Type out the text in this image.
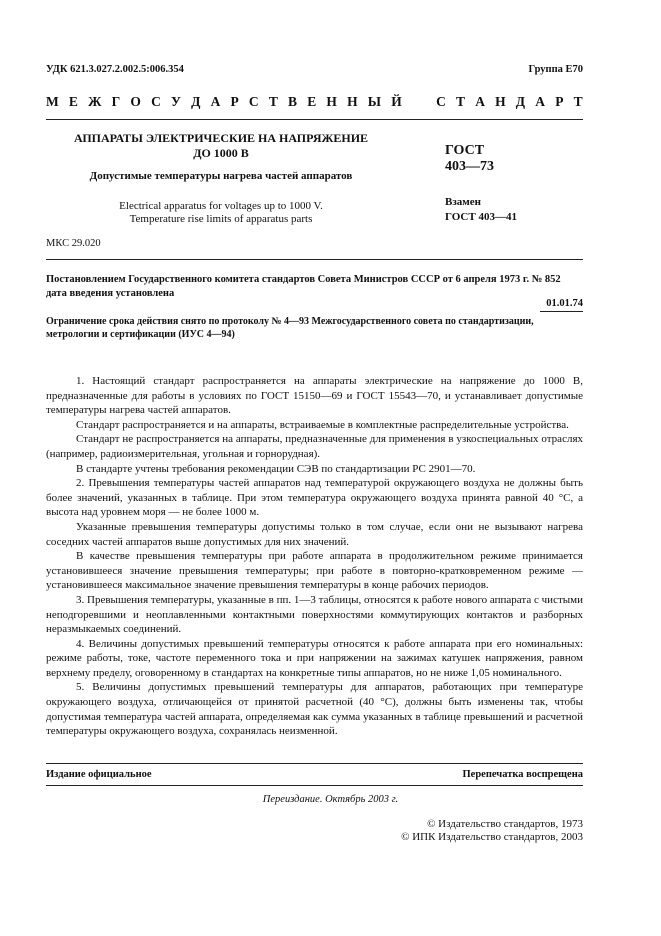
УДК 621.3.027.2.002.5:006.354	Группа Е70
М Е Ж Г О С У Д А Р С Т В Е Н Н Ы Й	С Т А Н Д А Р Т
АППАРАТЫ ЭЛЕКТРИЧЕСКИЕ НА НАПРЯЖЕНИЕ
ДО 1000 В
Допустимые температуры нагрева частей аппаратов
Electrical apparatus for voltages up to 1000 V.
Temperature rise limits of apparatus parts
ГОСТ
403—73
Взамен
ГОСТ 403—41
МКС 29.020
Постановлением Государственного комитета стандартов Совета Министров СССР от 6 апреля 1973 г. № 852 дата введения установлена
01.01.74
Ограничение срока действия снято по протоколу № 4—93 Межгосударственного совета по стандартизации, метрологии и сертификации (ИУС 4—94)

1. Настоящий стандарт распространяется на аппараты электрические на напряжение до 1000 В, предназначенные для работы в условиях по ГОСТ 15150—69 и ГОСТ 15543—70, и устанавливает допустимые температуры нагрева частей аппаратов.

Стандарт распространяется и на аппараты, встраиваемые в комплектные распределительные устройства.

Стандарт не распространяется на аппараты, предназначенные для применения в узкоспециальных отраслях (например, радиоизмерительная, угольная и горнорудная).

В стандарте учтены требования рекомендации СЭВ по стандартизации РС 2901—70.

2. Превышения температуры частей аппаратов над температурой окружающего воздуха не должны быть более значений, указанных в таблице. При этом температура окружающего воздуха принята равной 40 °С, а высота над уровнем моря — не более 1000 м.

Указанные превышения температуры допустимы только в том случае, если они не вызывают нагрева соседних частей аппаратов выше допустимых для них значений.

В качестве превышения температуры при работе аппарата в продолжительном режиме принимается установившееся значение превышения температуры; при работе в повторно-кратковременном режиме — установившееся максимальное значение превышения температуры в конце рабочих периодов.

3. Превышения температуры, указанные в пп. 1—3 таблицы, относятся к работе нового аппарата с чистыми неподгоревшими и неоплавленными контактными поверхностями коммутирующих контактов и разборных неразмыкаемых соединений.

4. Величины допустимых превышений температуры относятся к работе аппарата при его номинальных: режиме работы, токе, частоте переменного тока и при напряжении на зажимах катушек напряжения, равном верхнему пределу, оговоренному в стандартах на конкретные типы аппаратов, но не ниже 1,05 номинального.

5. Величины допустимых превышений температуры для аппаратов, работающих при температуре окружающего воздуха, отличающейся от принятой расчетной (40 °С), должны быть изменены так, чтобы допустимая температура частей аппарата, определяемая как сумма указанных в таблице превышений и расчетной температуры окружающего воздуха, сохранялась неизменной.

Издание официальное	Перепечатка воспрещена
Переиздание. Октябрь 2003 г.
© Издательство стандартов, 1973
© ИПК Издательство стандартов, 2003
